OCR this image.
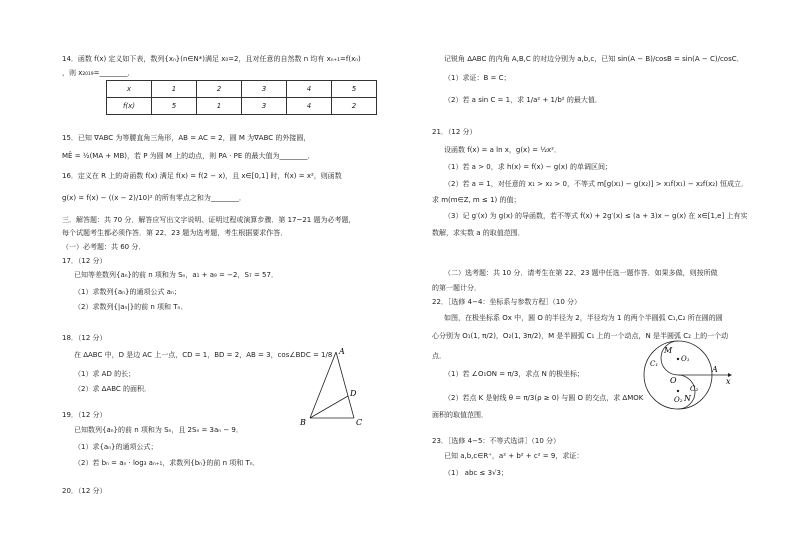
14．函数 f(x) 定义如下表，数列{xₙ}(n∈N*)满足 x₀=2，且对任意的自然数 n 均有 xₙ₊₁=f(xₙ)
，则 x₂₀₁₉=________．
x	1	2	3	4	5
f(x)	5	1	3	4	2
15．已知 ∇ABC 为等腰直角三角形，AB = AC = 2，圆 M 为∇ABC 的外接圆，
MÊ = ½(MA + MB)，若 P 为圆 M 上的动点，则 PA · PE 的最大值为________．
16．定义在 R 上的奇函数 f(x) 满足 f(x) = f(2 − x)，且 x∈[0,1] 时，f(x) = x²，则函数
g(x) = f(x) − ((x − 2)/10)² 的所有零点之和为________．
三．解答题：共 70 分．解答应写出文字说明、证明过程或演算步骤．第 17~21 题为必考题，
每个试题考生都必须作答．第 22、23 题为选考题，考生根据要求作答．
（一）必考题：共 60 分．
17．（12 分）
已知等差数列{aₙ}的前 n 项和为 Sₙ，a₁ + a₉ = −2，S₇ = 57．
（1）求数列{aₙ}的通项公式 aₙ；
（2）求数列{|aₙ|}的前 n 项和 Tₙ．
18．（12 分）
在 ΔABC 中，D 是边 AC 上一点，CD = 1，BD = 2，AB = 3，cos∠BDC = 1/8
（1）求 AD 的长；
（2）求 ΔABC 的面积．
19．（12 分）
已知数列{aₙ}的前 n 项和为 Sₙ，且 2Sₙ = 3aₙ − 9．
（1）求{aₙ}的通项公式；
（2）若 bₙ = aₙ · log₃ aₙ₊₁，求数列{bₙ}的前 n 项和 Tₙ．
20．（12 分）
A
B	C
D
记锐角 ΔABC 的内角 A,B,C 的对边分别为 a,b,c，已知 sin(A − B)/cosB = sin(A − C)/cosC．
（1）求证：B = C；
（2）若 a sin C = 1，求 1/a² + 1/b² 的最大值．
21．（12 分）
设函数 f(x) = a ln x，g(x) = ½x²．
（1）若 a > 0，求 h(x) = f(x) − g(x) 的单调区间；
（2）若 a = 1，对任意的 x₁ > x₂ > 0，不等式 m[g(x₁) − g(x₂)] > x₁f(x₁) − x₂f(x₂) 恒成立．
求 m(m∈Z, m ≤ 1) 的值；
（3）记 g′(x) 为 g(x) 的导函数，若不等式 f(x) + 2g′(x) ≤ (a + 3)x − g(x) 在 x∈[1,e] 上有实
数解，求实数 a 的取值范围．
（二）选考题：共 10 分．请考生在第 22、23 题中任选一题作答．如果多做，则按所做
的第一题计分．
22．［选修 4−4：坐标系与参数方程］（10 分）
如图，在极坐标系 Ox 中，圆 O 的半径为 2，半径均为 1 的两个半圆弧 C₁,C₂ 所在圆的圆
心分别为 O₁(1, π/2)，O₂(1, 3π/2)，M 是半圆弧 C₁ 上的一个动点，N 是半圆弧 C₂ 上的一个动
点．
（1）若 ∠O₁ON = π/3，求点 N 的极坐标；
（2）若点 K 是射线 θ = π/3(ρ ≥ 0) 与圆 O 的交点，求 ΔMOK
面积的取值范围．
23．［选修 4−5：不等式选讲］（10 分）
已知 a,b,c∈R⁺，a² + b² + c² = 9，求证：
（1） abc ≤ 3√3；
M
O₁
C₁
C₂
O
A
x
N
O₂
